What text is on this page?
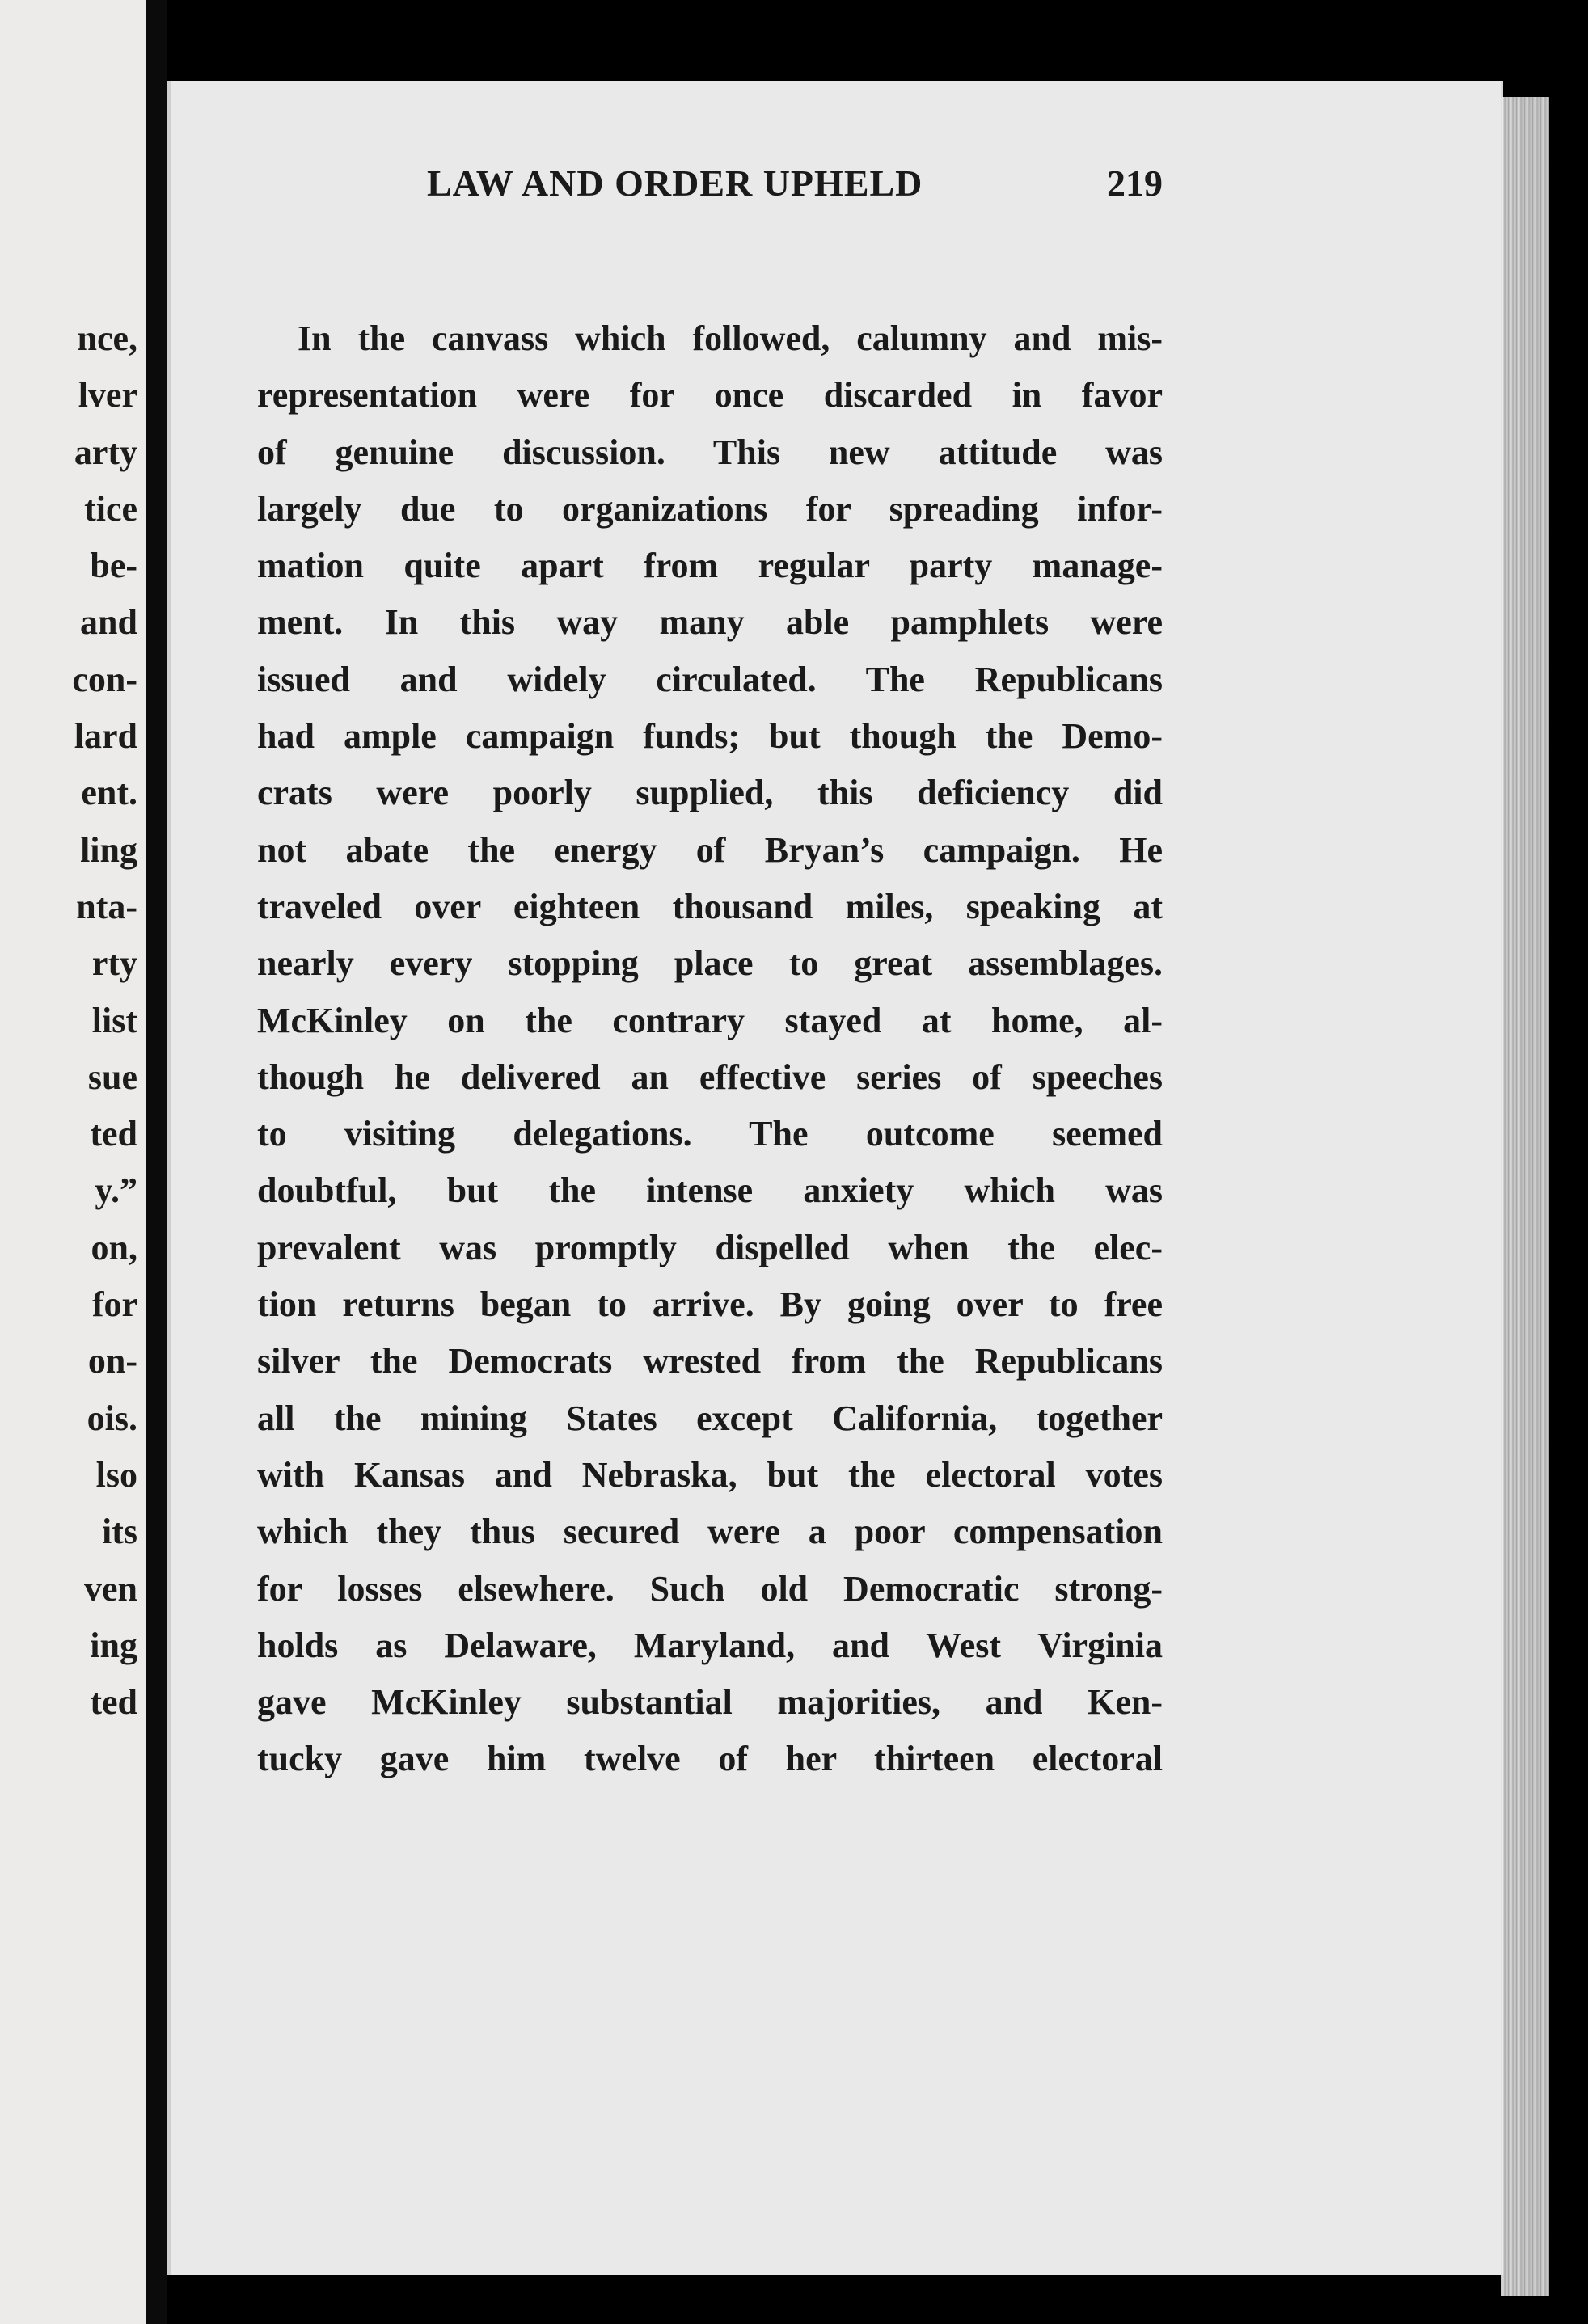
nce,
lver
arty
tice
be-
and
con-
lard
ent.
ling
nta-
rty
list
sue
ted
y.”
on,
for
on-
ois.
lso
its
ven
ing
ted
LAW AND ORDER UPHELD	219
In the canvass which followed, calumny and mis-
representation were for once discarded in favor
of genuine discussion. This new attitude was
largely due to organizations for spreading infor-
mation quite apart from regular party manage-
ment. In this way many able pamphlets were
issued and widely circulated. The Republicans
had ample campaign funds; but though the Demo-
crats were poorly supplied, this deficiency did
not abate the energy of Bryan’s campaign. He
traveled over eighteen thousand miles, speaking at
nearly every stopping place to great assemblages.
McKinley on the contrary stayed at home, al-
though he delivered an effective series of speeches
to visiting delegations. The outcome seemed
doubtful, but the intense anxiety which was
prevalent was promptly dispelled when the elec-
tion returns began to arrive. By going over to free
silver the Democrats wrested from the Republicans
all the mining States except California, together
with Kansas and Nebraska, but the electoral votes
which they thus secured were a poor compensation
for losses elsewhere. Such old Democratic strong-
holds as Delaware, Maryland, and West Virginia
gave McKinley substantial majorities, and Ken-
tucky gave him twelve of her thirteen electoral
